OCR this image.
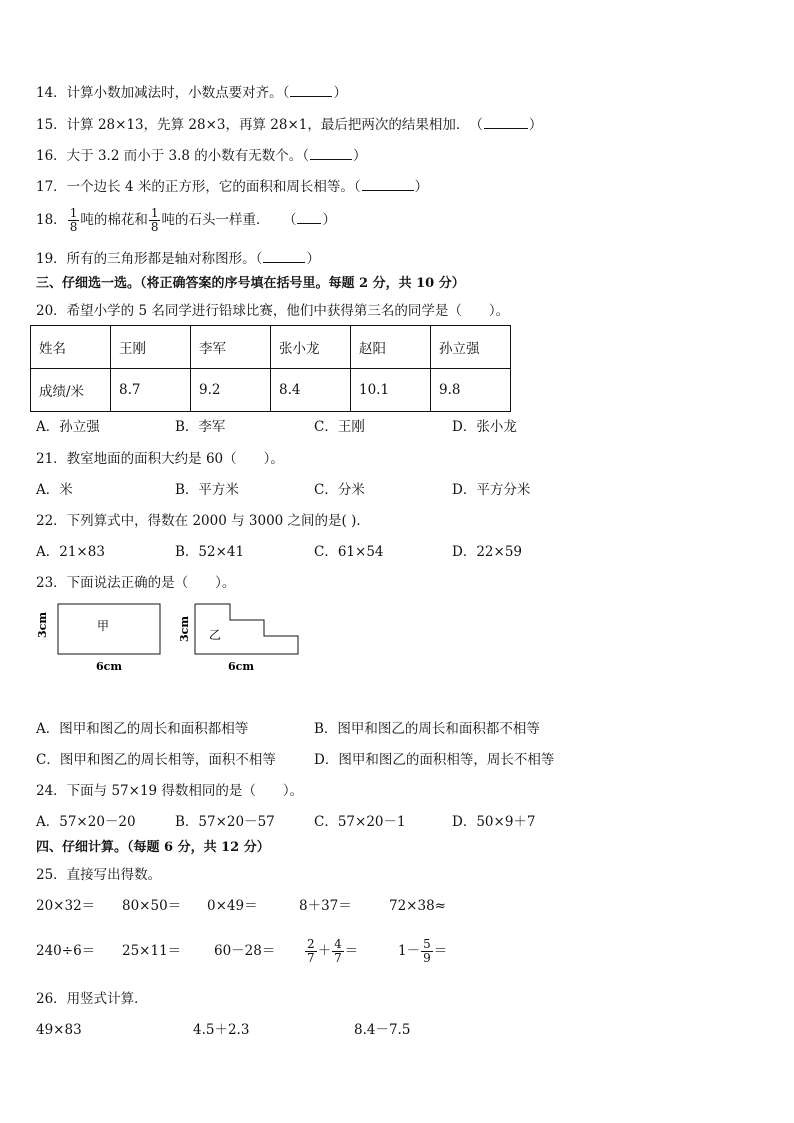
14．计算小数加减法时，小数点要对齐。（	）
15．计算 28×13，先算 28×3，再算 28×1，最后把两次的结果相加．　（	）
16．大于 3.2 而小于 3.8 的小数有无数个。（	）
17．一个边长 4 米的正方形，它的面积和周长相等。（	）
18． $\frac{1}{8}$ 吨的棉花和 $\frac{1}{8}$ 吨的石头一样重．　　（ ）
19．所有的三角形都是轴对称图形。（	）
三、仔细选一选。（将正确答案的序号填在括号里。每题 2 分，共 10 分）
20．希望小学的 5 名同学进行铅球比赛，他们中获得第三名的同学是（　　）。
姓名	王刚	李军	张小龙	赵阳	孙立强
成绩/米	8.7	9.2	8.4	10.1	9.8
A．孙立强	B．李军	C．王刚	D．张小龙
21．教室地面的面积大约是 60（　　）。
A．米	B．平方米	C．分米	D．平方分米
22．下列算式中，得数在 2000 与 3000 之间的是( )．
A．21×83	B．52×41	C．61×54	D．22×59
23．下面说法正确的是（　　）。
甲
3cm
6cm
乙
3cm
6cm
A．图甲和图乙的周长和面积都相等	B．图甲和图乙的周长和面积都不相等
C．图甲和图乙的周长相等，面积不相等	D．图甲和图乙的面积相等，周长不相等
24．下面与 57×19 得数相同的是（　　）。
A．57×20－20	B．57×20－57	C．57×20－1	D．50×9＋7
四、仔细计算。（每题 6 分，共 12 分）
25．直接写出得数。
20×32＝ 80×50＝ 0×49＝	8＋37＝	72×38≈
$240\div 6= 25\times 11= 60-28= \frac{2}{7} + \frac{4}{7}$ ＝	$1- \frac{5}{9}$ ＝
26．用竖式计算．
49×83	4.5＋2.3	8.4－7.5
